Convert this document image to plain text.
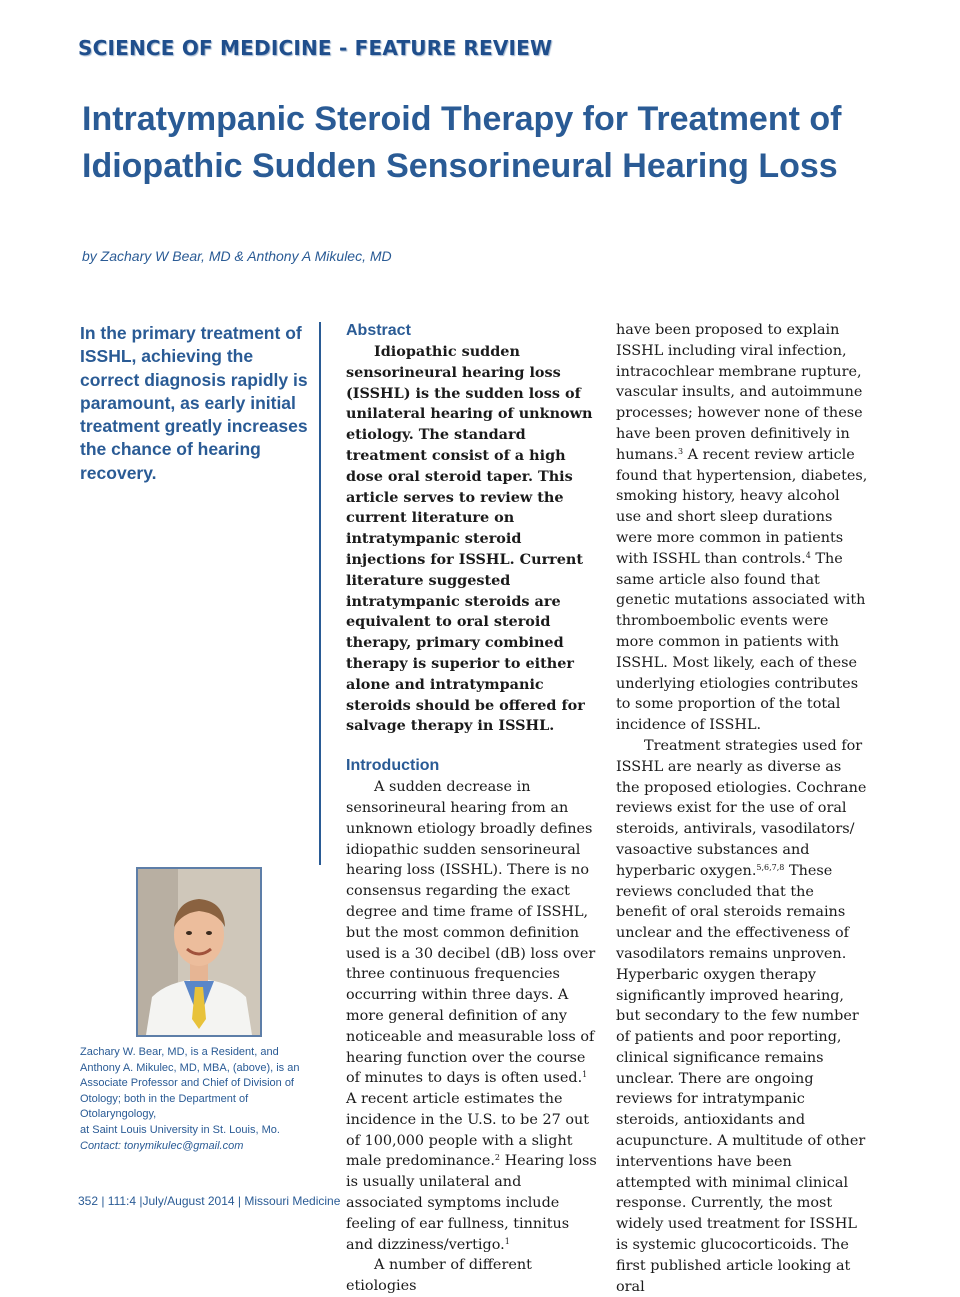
SCIENCE OF MEDICINE - FEATURE REVIEW
Intratympanic Steroid Therapy for Treatment of Idiopathic Sudden Sensorineural Hearing Loss
by Zachary W Bear, MD & Anthony A Mikulec, MD
In the primary treatment of ISSHL, achieving the correct diagnosis rapidly is paramount, as early initial treatment greatly increases the chance of hearing recovery.
Zachary W. Bear, MD, is a Resident, and Anthony A. Mikulec, MD, MBA, (above), is an Associate Professor and Chief of Division of Otology; both in the Department of Otolaryngology,
at Saint Louis University in St. Louis, Mo.
Contact: tonymikulec@gmail.com

Abstract

Idiopathic sudden sensorineural hearing loss (ISSHL) is the sudden loss of unilateral hearing of unknown etiology. The standard treatment consist of a high dose oral steroid taper. This article serves to review the current literature on intratympanic steroid injections for ISSHL. Current literature suggested intratympanic steroids are equivalent to oral steroid therapy, primary combined therapy is superior to either alone and intratympanic steroids should be offered for salvage therapy in ISSHL.

Introduction

A sudden decrease in sensorineural hearing from an unknown etiology broadly defines idiopathic sudden sensorineural hearing loss (ISSHL). There is no consensus regarding the exact degree and time frame of ISSHL, but the most common definition used is a 30 decibel (dB) loss over three continuous frequencies occurring within three days. A more general definition of any noticeable and measurable loss of hearing function over the course of minutes to days is often used.$^1$ A recent article estimates the incidence in the U.S. to be 27 out of 100,000 people with a slight male predominance.$^2$ Hearing loss is usually unilateral and associated symptoms include feeling of ear fullness, tinnitus and dizziness/vertigo.$^1$

A number of different etiologies

have been proposed to explain ISSHL including viral infection, intracochlear membrane rupture, vascular insults, and autoimmune processes; however none of these have been proven definitively in humans.$^3$ A recent review article found that hypertension, diabetes, smoking history, heavy alcohol use and short sleep durations were more common in patients with ISSHL than controls.$^4$ The same article also found that genetic mutations associated with thromboembolic events were more common in patients with ISSHL. Most likely, each of these underlying etiologies contributes to some proportion of the total incidence of ISSHL.

Treatment strategies used for ISSHL are nearly as diverse as the proposed etiologies. Cochrane reviews exist for the use of oral steroids, antivirals, vasodilators/ vasoactive substances and hyperbaric oxygen.$^{5,6,7,8}$ These reviews concluded that the benefit of oral steroids remains unclear and the effectiveness of vasodilators remains unproven. Hyperbaric oxygen therapy significantly improved hearing, but secondary to the few number of patients and poor reporting, clinical significance remains unclear. There are ongoing reviews for intratympanic steroids, antioxidants and acupuncture. A multitude of other interventions have been attempted with minimal clinical response. Currently, the most widely used treatment for ISSHL is systemic glucocorticoids. The first published article looking at oral

352 | 111:4 |July/August 2014 | Missouri Medicine
